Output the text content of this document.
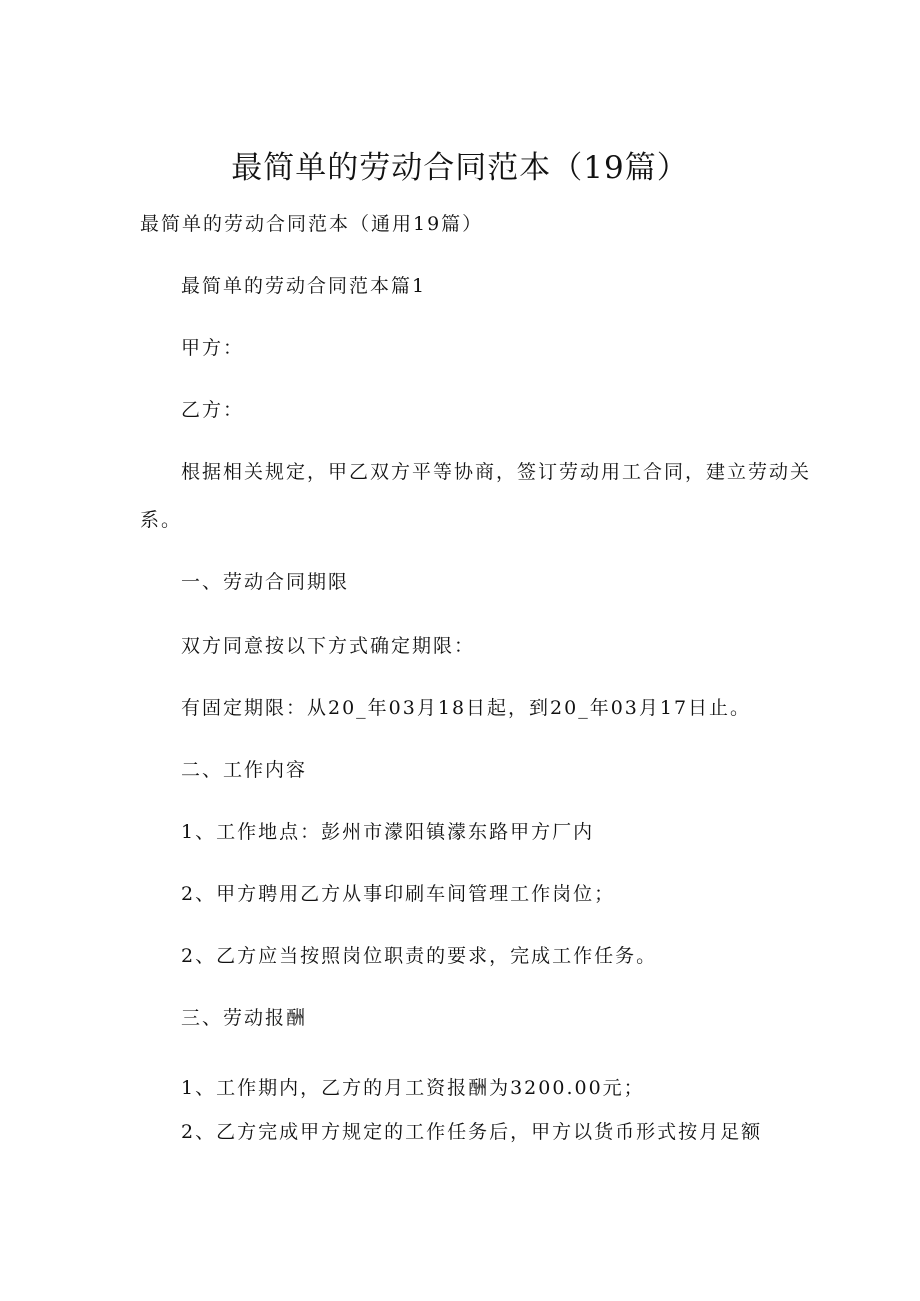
最简单的劳动合同范本（19篇）
最简单的劳动合同范本（通用19篇）
最简单的劳动合同范本篇1
甲方：
乙方：
根据相关规定，甲乙双方平等协商，签订劳动用工合同，建立劳动关
系。
一、劳动合同期限
双方同意按以下方式确定期限：
有固定期限：从20_年03月18日起，到20_年03月17日止。
二、工作内容
1、工作地点：彭州市濛阳镇濛东路甲方厂内
2、甲方聘用乙方从事印刷车间管理工作岗位；
2、乙方应当按照岗位职责的要求，完成工作任务。
三、劳动报酬
1、工作期内，乙方的月工资报酬为3200.00元；
2、乙方完成甲方规定的工作任务后，甲方以货币形式按月足额
